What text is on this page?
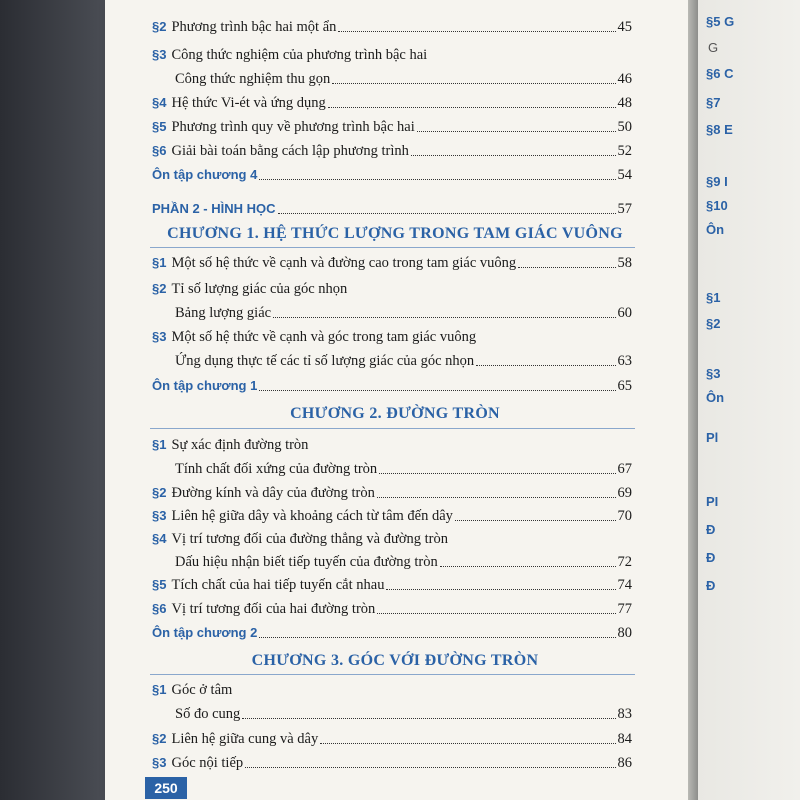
§2 Phương trình bậc hai một ẩn	45
§3 Công thức nghiệm của phương trình bậc hai
Công thức nghiệm thu gọn	46
§4 Hệ thức Vi-ét và ứng dụng	48
§5 Phương trình quy về phương trình bậc hai	50
§6 Giải bài toán bằng cách lập phương trình	52
Ôn tập chương 4	54
PHẦN 2 - HÌNH HỌC	57
CHƯƠNG 1. HỆ THỨC LƯỢNG TRONG TAM GIÁC VUÔNG
§1 Một số hệ thức về cạnh và đường cao trong tam giác vuông	58
§2 Tỉ số lượng giác của góc nhọn
Bảng lượng giác	60
§3 Một số hệ thức về cạnh và góc trong tam giác vuông
Ứng dụng thực tế các tỉ số lượng giác của góc nhọn	63
Ôn tập chương 1	65
CHƯƠNG 2. ĐƯỜNG TRÒN
§1 Sự xác định đường tròn
Tính chất đối xứng của đường tròn	67
§2 Đường kính và dây của đường tròn	69
§3 Liên hệ giữa dây và khoảng cách từ tâm đến dây	70
§4 Vị trí tương đối của đường thẳng và đường tròn
Dấu hiệu nhận biết tiếp tuyến của đường tròn	72
§5 Tích chất của hai tiếp tuyến cắt nhau	74
§6 Vị trí tương đối của hai đường tròn	77
Ôn tập chương 2	80
CHƯƠNG 3. GÓC VỚI ĐƯỜNG TRÒN
§1 Góc ở tâm
Số đo cung	83
§2 Liên hệ giữa cung và dây	84
§3 Góc nội tiếp	86
250
§5 G
G
§6 C
§7
§8 E
§9 I
§10
Ôn
§1
§2
§3
Ôn
Pl
PI
Đ
Đ
Đ
